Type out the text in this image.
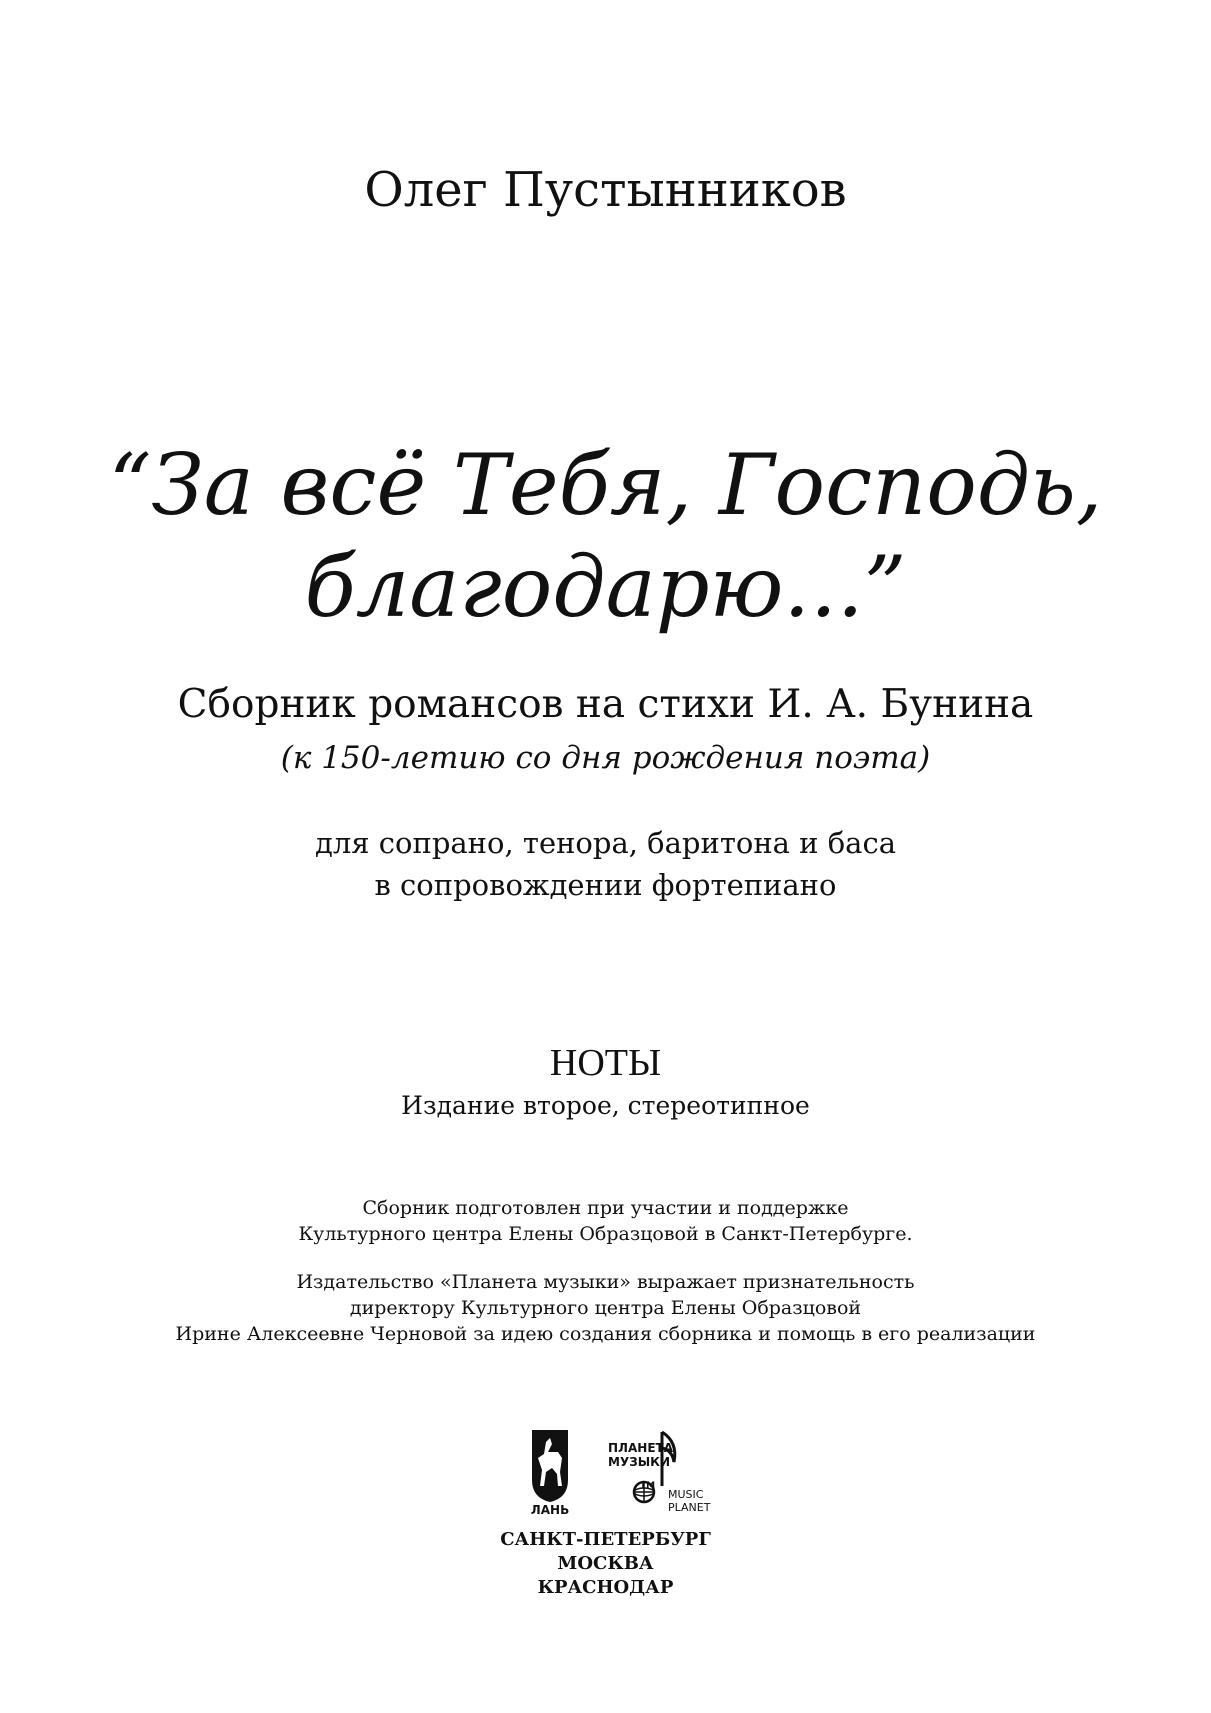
Олег Пустынников
“За всё Тебя, Господь,
благодарю...”
Сборник романсов на стихи И. А. Бунина
(к 150-летию со дня рождения поэта)
для сопрано, тенора, баритона и баса
в сопровождении фортепиано
НОТЫ
Издание второе, стереотипное
Сборник подготовлен при участии и поддержке
Культурного центра Елены Образцовой в Санкт-Петербурге.
Издательство «Планета музыки» выражает признательность
директору Культурного центра Елены Образцовой
Ирине Алексеевне Черновой за идею создания сборника и помощь в его реализации
ЛАНЬ
ПЛАНЕТА
МУЗЫКИ
TM
MUSIC
PLANET
САНКТ-ПЕТЕРБУРГ
МОСКВА
КРАСНОДАР
